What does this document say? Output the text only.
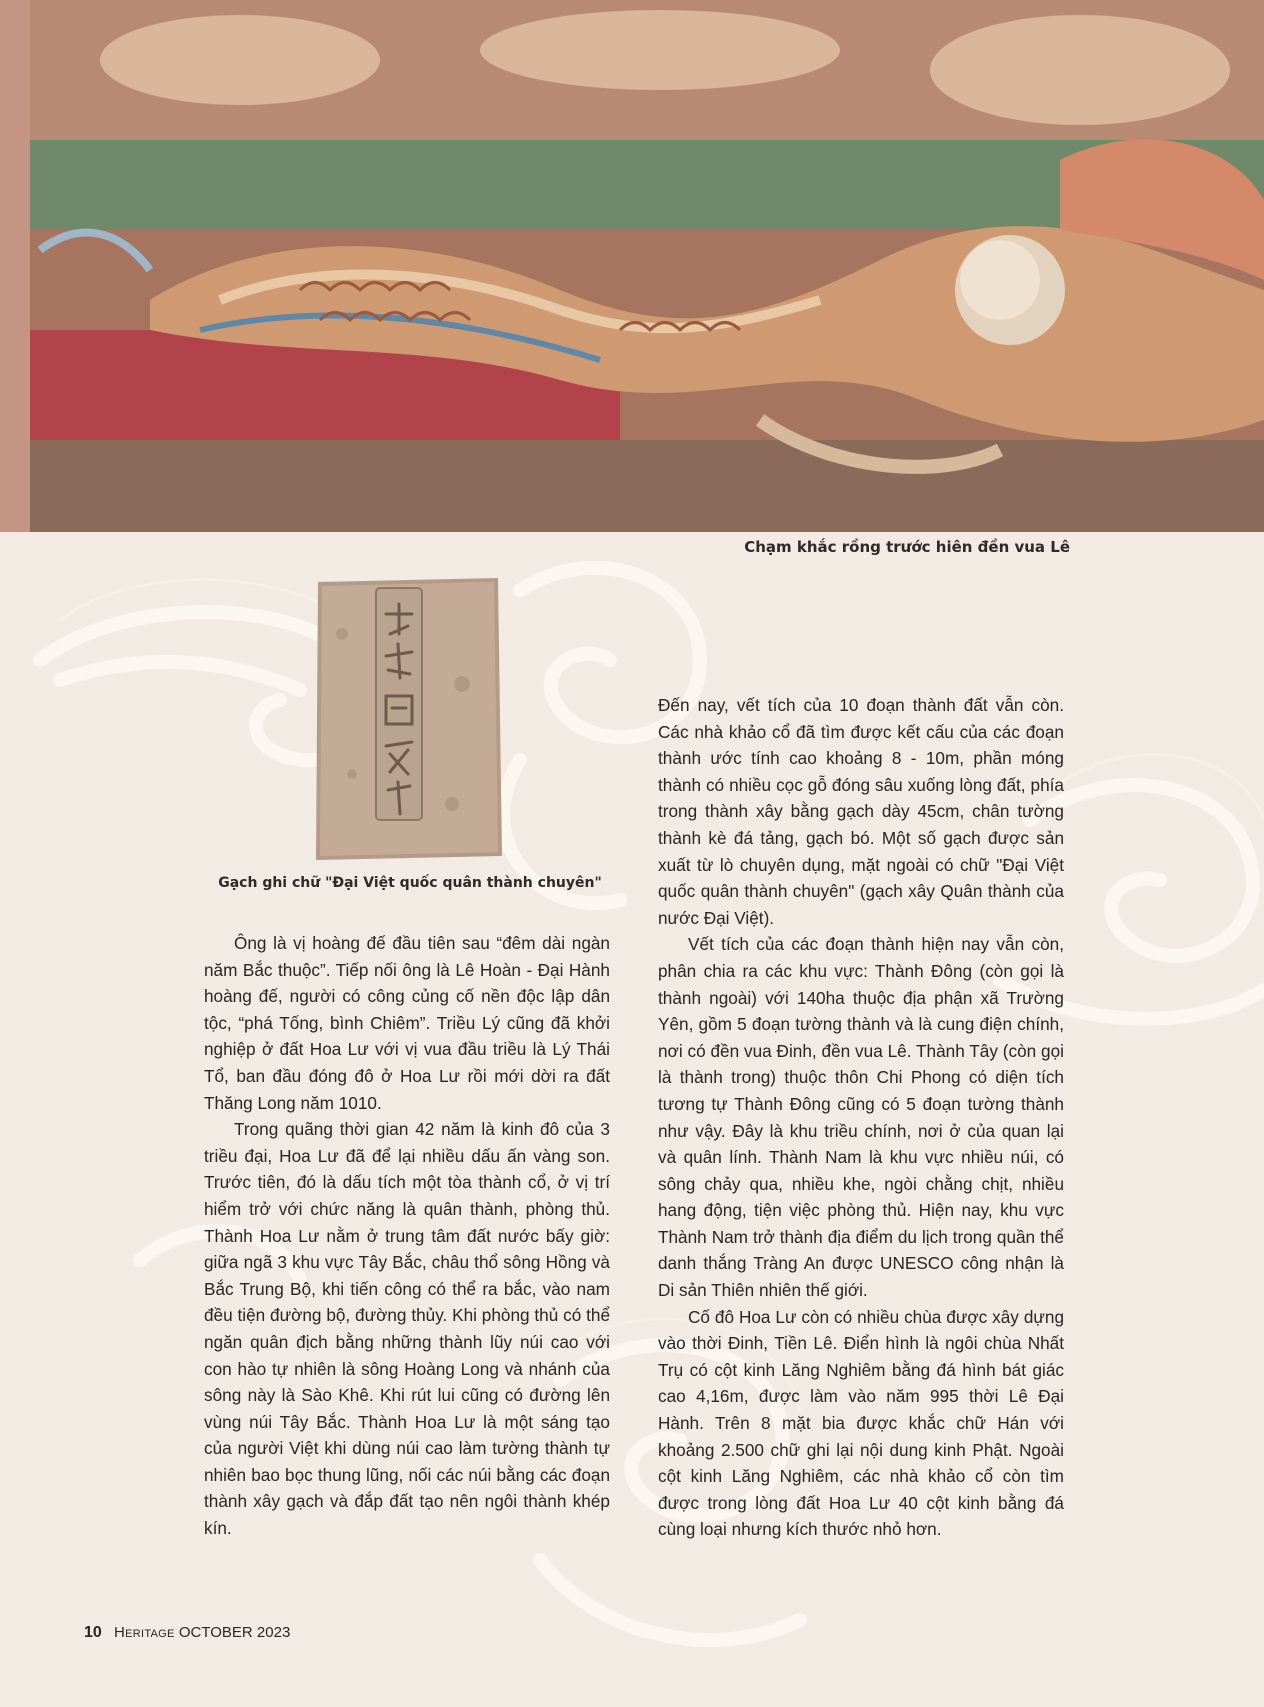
Chạm khắc rồng trước hiên đền vua Lê
Gạch ghi chữ "Đại Việt quốc quân thành chuyên"

Ông là vị hoàng đế đầu tiên sau “đêm dài ngàn năm Bắc thuộc”. Tiếp nối ông là Lê Hoàn - Đại Hành hoàng đế, người có công củng cố nền độc lập dân tộc, “phá Tống, bình Chiêm”. Triều Lý cũng đã khởi nghiệp ở đất Hoa Lư với vị vua đầu triều là Lý Thái Tổ, ban đầu đóng đô ở Hoa Lư rồi mới dời ra đất Thăng Long năm 1010.

Trong quãng thời gian 42 năm là kinh đô của 3 triều đại, Hoa Lư đã để lại nhiều dấu ấn vàng son. Trước tiên, đó là dấu tích một tòa thành cổ, ở vị trí hiểm trở với chức năng là quân thành, phòng thủ. Thành Hoa Lư nằm ở trung tâm đất nước bấy giờ: giữa ngã 3 khu vực Tây Bắc, châu thổ sông Hồng và Bắc Trung Bộ, khi tiến công có thể ra bắc, vào nam đều tiện đường bộ, đường thủy. Khi phòng thủ có thể ngăn quân địch bằng những thành lũy núi cao với con hào tự nhiên là sông Hoàng Long và nhánh của sông này là Sào Khê. Khi rút lui cũng có đường lên vùng núi Tây Bắc. Thành Hoa Lư là một sáng tạo của người Việt khi dùng núi cao làm tường thành tự nhiên bao bọc thung lũng, nối các núi bằng các đoạn thành xây gạch và đắp đất tạo nên ngôi thành khép kín.

Đến nay, vết tích của 10 đoạn thành đất vẫn còn. Các nhà khảo cổ đã tìm được kết cấu của các đoạn thành ước tính cao khoảng 8 - 10m, phần móng thành có nhiều cọc gỗ đóng sâu xuống lòng đất, phía trong thành xây bằng gạch dày 45cm, chân tường thành kè đá tảng, gạch bó. Một số gạch được sản xuất từ lò chuyên dụng, mặt ngoài có chữ "Đại Việt quốc quân thành chuyên" (gạch xây Quân thành của nước Đại Việt).

Vết tích của các đoạn thành hiện nay vẫn còn, phân chia ra các khu vực: Thành Đông (còn gọi là thành ngoài) với 140ha thuộc địa phận xã Trường Yên, gồm 5 đoạn tường thành và là cung điện chính, nơi có đền vua Đinh, đền vua Lê. Thành Tây (còn gọi là thành trong) thuộc thôn Chi Phong có diện tích tương tự Thành Đông cũng có 5 đoạn tường thành như vậy. Đây là khu triều chính, nơi ở của quan lại và quân lính. Thành Nam là khu vực nhiều núi, có sông chảy qua, nhiều khe, ngòi chằng chịt, nhiều hang động, tiện việc phòng thủ. Hiện nay, khu vực Thành Nam trở thành địa điểm du lịch trong quần thể danh thắng Tràng An được UNESCO công nhận là Di sản Thiên nhiên thế giới.

Cố đô Hoa Lư còn có nhiều chùa được xây dựng vào thời Đinh, Tiền Lê. Điển hình là ngôi chùa Nhất Trụ có cột kinh Lăng Nghiêm bằng đá hình bát giác cao 4,16m, được làm vào năm 995 thời Lê Đại Hành. Trên 8 mặt bia được khắc chữ Hán với khoảng 2.500 chữ ghi lại nội dung kinh Phật. Ngoài cột kinh Lăng Nghiêm, các nhà khảo cổ còn tìm được trong lòng đất Hoa Lư 40 cột kinh bằng đá cùng loại nhưng kích thước nhỏ hơn.

10 Heritage OCTOBER 2023
